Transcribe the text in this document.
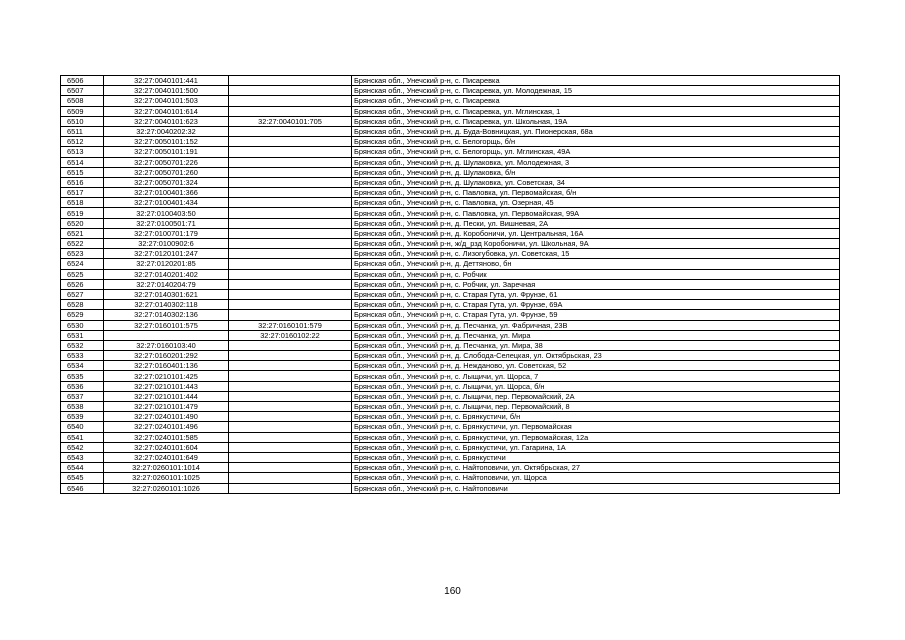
6506	32:27:0040101:441		Брянская обл., Унечский р-н, с. Писаревка
6507	32:27:0040101:500		Брянская обл., Унечский р-н, с. Писаревка, ул. Молодежная, 15
6508	32:27:0040101:503		Брянская обл., Унечский р-н, с. Писаревка
6509	32:27:0040101:614		Брянская обл., Унечский р-н, с. Писаревка, ул. Мглинская, 1
6510	32:27:0040101:623	32:27:0040101:705	Брянская обл., Унечский р-н, с. Писаревка, ул. Школьная, 19А
6511	32:27:0040202:32		Брянская обл., Унечский р-н, д. Буда-Вовницкая, ул. Пионерская, 68а
6512	32:27:0050101:152		Брянская обл., Унечский р-н, с. Белогорщь, б/н
6513	32:27:0050101:191		Брянская обл., Унечский р-н, с. Белогорщь, ул. Мглинская, 49А
6514	32:27:0050701:226		Брянская обл., Унечский р-н, д. Шулаковка, ул. Молодежная, 3
6515	32:27:0050701:260		Брянская обл., Унечский р-н, д. Шулаковка, б/н
6516	32:27:0050701:324		Брянская обл., Унечский р-н, д. Шулаковка, ул. Советская, 34
6517	32:27:0100401:366		Брянская обл., Унечский р-н, с. Павловка, ул. Первомайская, б/н
6518	32:27:0100401:434		Брянская обл., Унечский р-н, с. Павловка, ул. Озерная, 45
6519	32:27:0100403:50		Брянская обл., Унечский р-н, с. Павловка, ул. Первомайская, 99А
6520	32:27:0100501:71		Брянская обл., Унечский р-н, д. Пески, ул. Вишневая, 2А
6521	32:27:0100701:179		Брянская обл., Унечский р-н, д. Коробоничи, ул. Центральная, 16А
6522	32:27:0100902:6		Брянская обл., Унечский р-н, ж/д_рзд Коробоничи, ул. Школьная, 9А
6523	32:27:0120101:247		Брянская обл., Унечский р-н, с. Лизогубовка, ул. Советская, 15
6524	32:27:0120201:85		Брянская обл., Унечский р-н, д. Деттяново, бн
6525	32:27:0140201:402		Брянская обл., Унечский р-н, с. Робчик
6526	32:27:0140204:79		Брянская обл., Унечский р-н, с. Робчик, ул. Заречная
6527	32:27:0140301:621		Брянская обл., Унечский р-н, с. Старая Гута, ул. Фрунзе, 61
6528	32:27:0140302:118		Брянская обл., Унечский р-н, с. Старая Гута, ул. Фрунзе, 69А
6529	32:27:0140302:136		Брянская обл., Унечский р-н, с. Старая Гута, ул. Фрунзе, 59
6530	32:27:0160101:575	32:27:0160101:579	Брянская обл., Унечский р-н, д. Песчанка, ул. Фабричная, 23В
6531		32:27:0160102:22	Брянская обл., Унечский р-н, д. Песчанка, ул. Мира
6532	32:27:0160103:40		Брянская обл., Унечский р-н, д. Песчанка, ул. Мира, 38
6533	32:27:0160201:292		Брянская обл., Унечский р-н, д. Слобода-Селецкая, ул. Октябрьская, 23
6534	32:27:0160401:136		Брянская обл., Унечский р-н, д. Нежданово, ул. Советская, 52
6535	32:27:0210101:425		Брянская обл., Унечский р-н, с. Лыщичи, ул. Щорса, 7
6536	32:27:0210101:443		Брянская обл., Унечский р-н, с. Лыщичи, ул. Щорса, б/н
6537	32:27:0210101:444		Брянская обл., Унечский р-н, с. Лыщичи, пер. Первомайский, 2А
6538	32:27:0210101:479		Брянская обл., Унечский р-н, с. Лыщичи, пер. Первомайский, 8
6539	32:27:0240101:490		Брянская обл., Унечский р-н, с. Брянкустичи, б/н
6540	32:27:0240101:496		Брянская обл., Унечский р-н, с. Брянкустичи, ул. Первомайская
6541	32:27:0240101:585		Брянская обл., Унечский р-н, с. Брянкустичи, ул. Первомайская, 12а
6542	32:27:0240101:604		Брянская обл., Унечский р-н, с. Брянкустичи, ул. Гагарина, 1А
6543	32:27:0240101:649		Брянская обл., Унечский р-н, с. Брянкустичи
6544	32:27:0260101:1014		Брянская обл., Унечский р-н, с. Найтоповичи, ул. Октябрьская, 27
6545	32:27:0260101:1025		Брянская обл., Унечский р-н, с. Найтоповичи, ул. Щорса
6546	32:27:0260101:1026		Брянская обл., Унечский р-н, с. Найтоповичи
160
